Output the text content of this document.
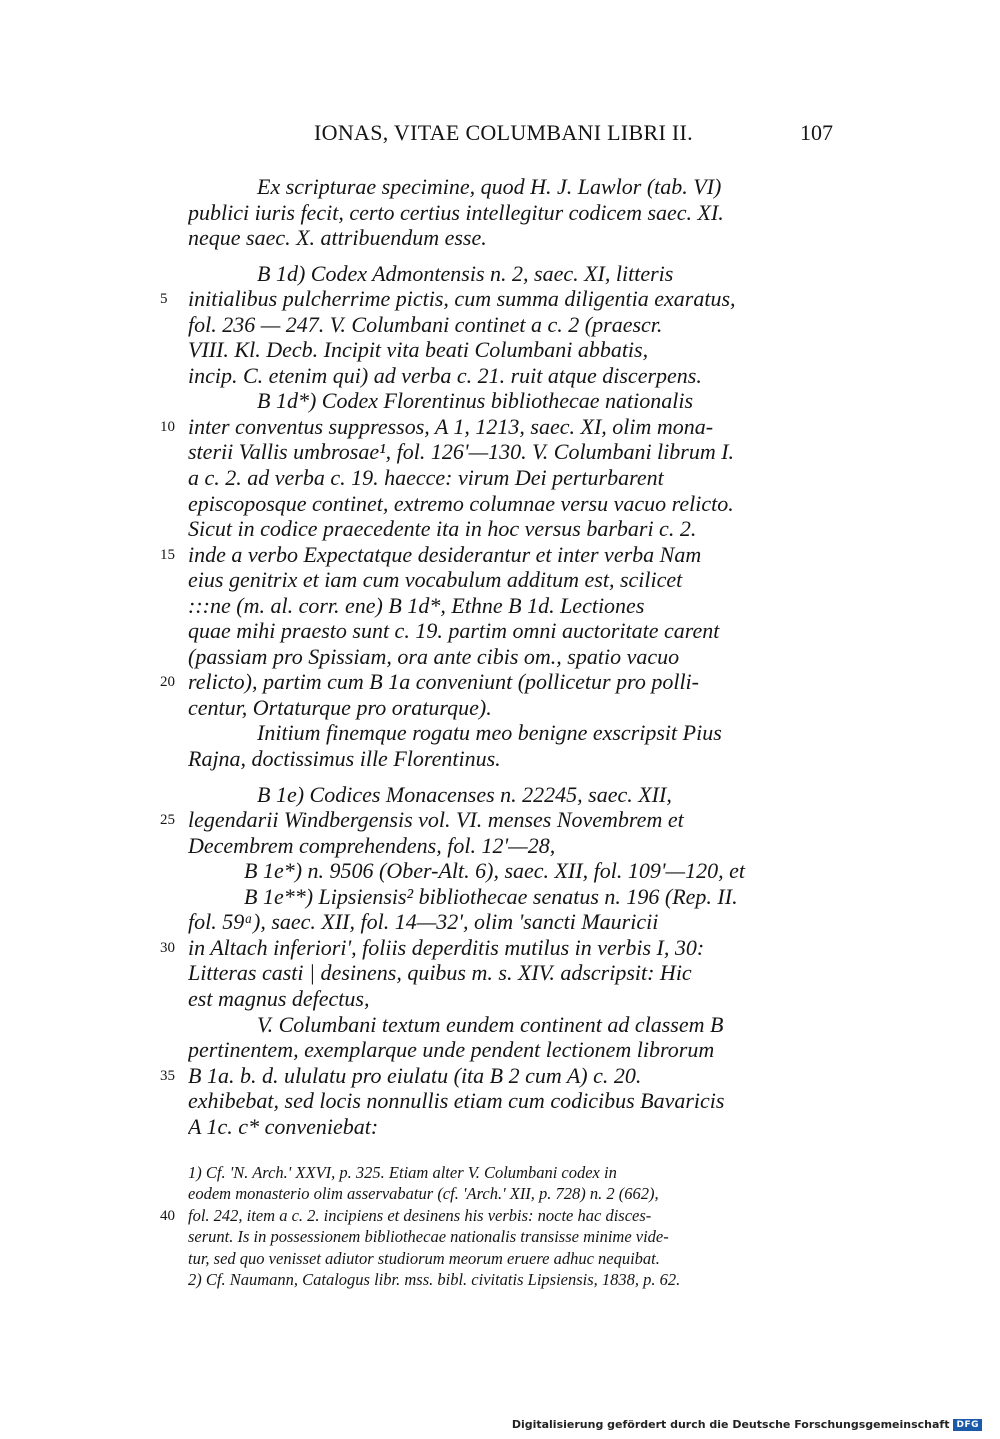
IONAS, VITAE COLUMBANI LIBRI II.	107
Ex scripturae specimine, quod H. J. Lawlor (tab. VI)
publici iuris fecit, certo certius intellegitur codicem saec. XI.
neque saec. X. attribuendum esse.
B 1d) Codex Admontensis n. 2, saec. XI, litteris
initialibus pulcherrime pictis, cum summa diligentia exaratus,
fol. 236 — 247. V. Columbani continet a c. 2 (praescr.
VIII. Kl. Decb. Incipit vita beati Columbani abbatis,
incip. C. etenim qui) ad verba c. 21. ruit atque discerpens.
B 1d*) Codex Florentinus bibliothecae nationalis
inter conventus suppressos, A 1, 1213, saec. XI, olim mona-
sterii Vallis umbrosae¹, fol. 126'—130. V. Columbani librum I.
a c. 2. ad verba c. 19. haecce: virum Dei perturbarent
episcoposque continet, extremo columnae versu vacuo relicto.
Sicut in codice praecedente ita in hoc versus barbari c. 2.
inde a verbo Expectatque desiderantur et inter verba Nam
eius genitrix et iam cum vocabulum additum est, scilicet
:::ne (m. al. corr. ene) B 1d*, Ethne B 1d. Lectiones
quae mihi praesto sunt c. 19. partim omni auctoritate carent
(passiam pro Spissiam, ora ante cibis om., spatio vacuo
relicto), partim cum B 1a conveniunt (pollicetur pro polli-
centur, Ortaturque pro oraturque).
Initium finemque rogatu meo benigne exscripsit Pius
Rajna, doctissimus ille Florentinus.
B 1e) Codices Monacenses n. 22245, saec. XII,
legendarii Windbergensis vol. VI. menses Novembrem et
Decembrem comprehendens, fol. 12'—28,
B 1e*) n. 9506 (Ober-Alt. 6), saec. XII, fol. 109'—120, et
B 1e**) Lipsiensis² bibliothecae senatus n. 196 (Rep. II.
fol. 59ᵃ), saec. XII, fol. 14—32', olim 'sancti Mauricii
in Altach inferiori', foliis deperditis mutilus in verbis I, 30:
Litteras casti | desinens, quibus m. s. XIV. adscripsit: Hic
est magnus defectus,
V. Columbani textum eundem continent ad classem B
pertinentem, exemplarque unde pendent lectionem librorum
B 1a. b. d. ululatu pro eiulatu (ita B 2 cum A) c. 20.
exhibebat, sed locis nonnullis etiam cum codicibus Bavaricis
A 1c. c* conveniebat:
5
10
15
20
25
30
35
40
1) Cf. 'N. Arch.' XXVI, p. 325. Etiam alter V. Columbani codex in
eodem monasterio olim asservabatur (cf. 'Arch.' XII, p. 728) n. 2 (662),
fol. 242, item a c. 2. incipiens et desinens his verbis: nocte hac disces-
serunt. Is in possessionem bibliothecae nationalis transisse minime vide-
tur, sed quo venisset adiutor studiorum meorum eruere adhuc nequibat.
2) Cf. Naumann, Catalogus libr. mss. bibl. civitatis Lipsiensis, 1838, p. 62.
Digitalisierung gefördert durch die Deutsche Forschungsgemeinschaft DFG
